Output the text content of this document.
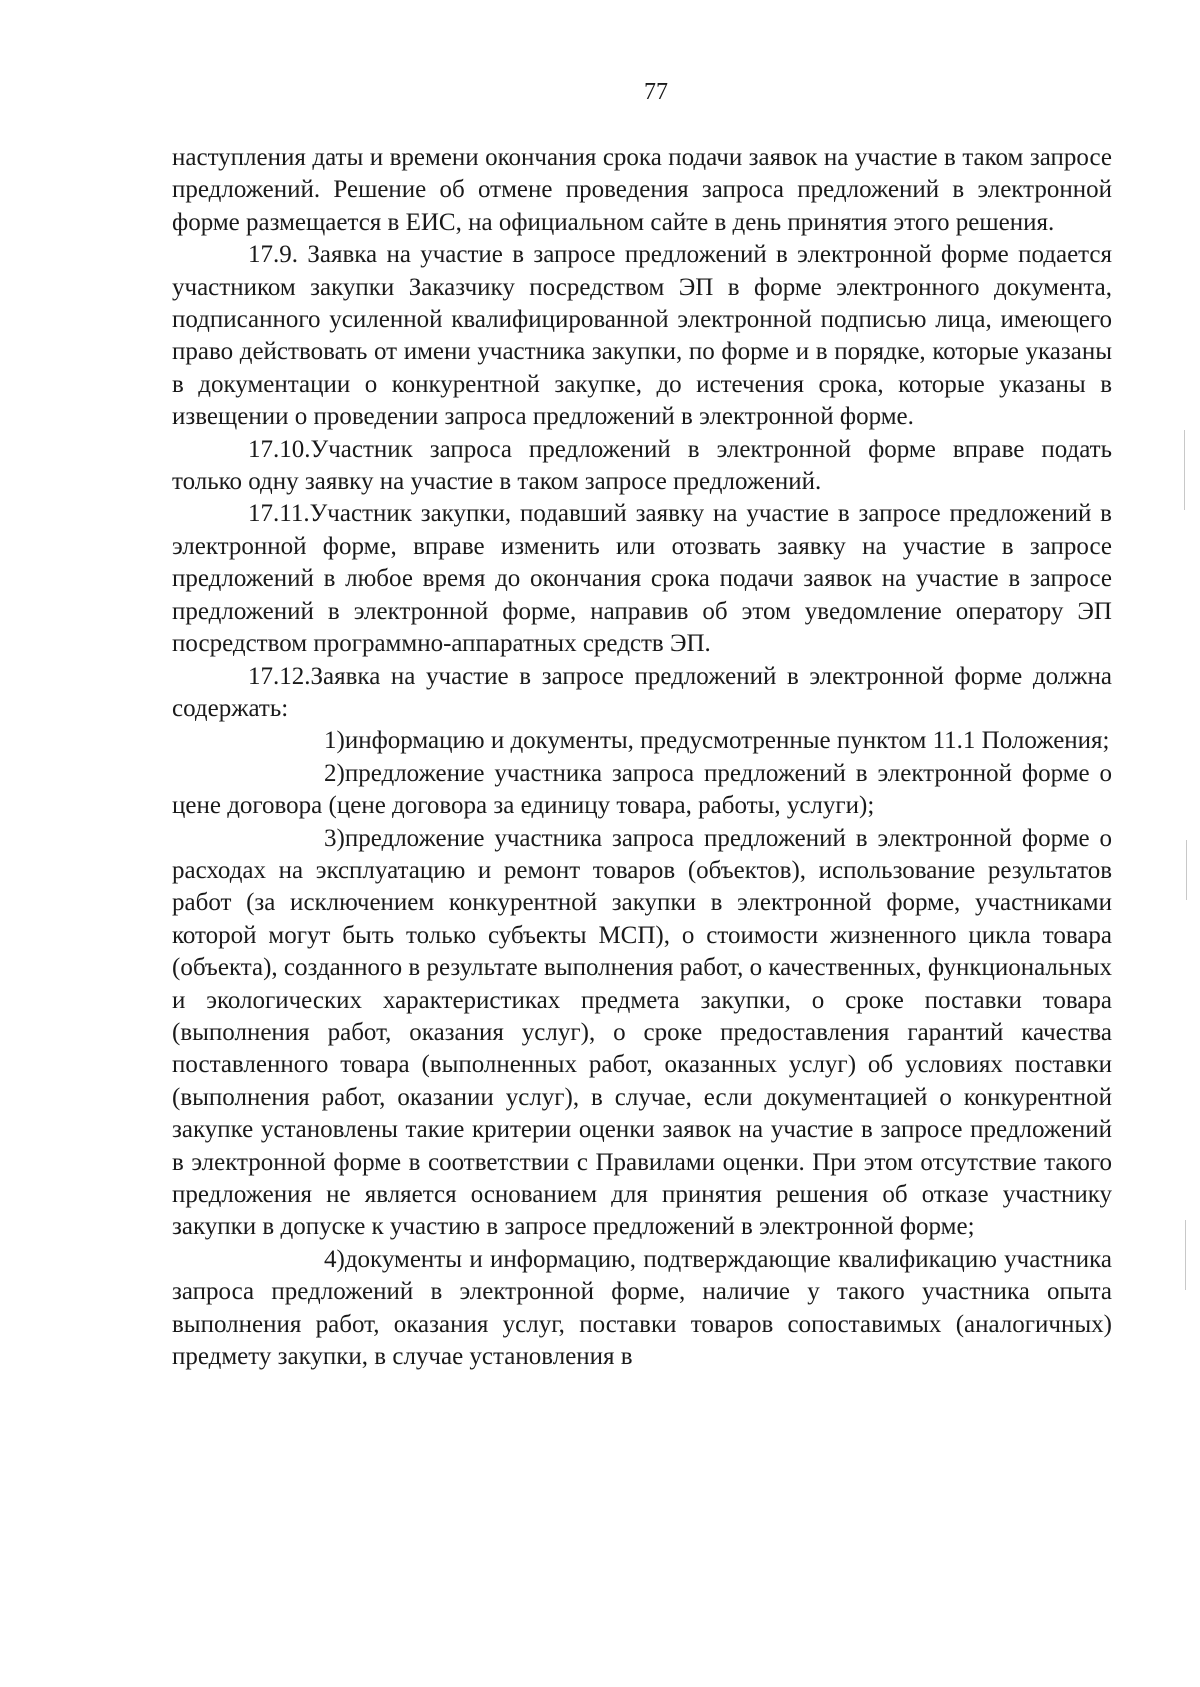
77

наступления даты и времени окончания срока подачи заявок на участие в таком запросе предложений. Решение об отмене проведения запроса предложений в электронной форме размещается в ЕИС, на официальном сайте в день принятия этого решения.

17.9. Заявка на участие в запросе предложений в электронной форме подается участником закупки Заказчику посредством ЭП в форме электронного документа, подписанного усиленной квалифицированной электронной подписью лица, имеющего право действовать от имени участника закупки, по форме и в порядке, которые указаны в документации о конкурентной закупке, до истечения срока, которые указаны в извещении о проведении запроса предложений в электронной форме.

17.10.Участник запроса предложений в электронной форме вправе подать только одну заявку на участие в таком запросе предложений.

17.11.Участник закупки, подавший заявку на участие в запросе предложений в электронной форме, вправе изменить или отозвать заявку на участие в запросе предложений в любое время до окончания срока подачи заявок на участие в запросе предложений в электронной форме, направив об этом уведомление оператору ЭП посредством программно-аппаратных средств ЭП.

17.12.Заявка на участие в запросе предложений в электронной форме должна содержать:

1)информацию и документы, предусмотренные пунктом 11.1 Положения;

2)предложение участника запроса предложений в электронной форме о цене договора (цене договора за единицу товара, работы, услуги);

3)предложение участника запроса предложений в электронной форме о расходах на эксплуатацию и ремонт товаров (объектов), использование результатов работ (за исключением конкурентной закупки в электронной форме, участниками которой могут быть только субъекты МСП), о стоимости жизненного цикла товара (объекта), созданного в результате выполнения работ, о качественных, функциональных и экологических характеристиках предмета закупки, о сроке поставки товара (выполнения работ, оказания услуг), о сроке предоставления гарантий качества поставленного товара (выполненных работ, оказанных услуг) об условиях поставки (выполнения работ, оказании услуг), в случае, если документацией о конкурентной закупке установлены такие критерии оценки заявок на участие в запросе предложений в электронной форме в соответствии с Правилами оценки. При этом отсутствие такого предложения не является основанием для принятия решения об отказе участнику закупки в допуске к участию в запросе предложений в электронной форме;

4)документы и информацию, подтверждающие квалификацию участника запроса предложений в электронной форме, наличие у такого участника опыта выполнения работ, оказания услуг, поставки товаров сопоставимых (аналогичных) предмету закупки, в случае установления в
